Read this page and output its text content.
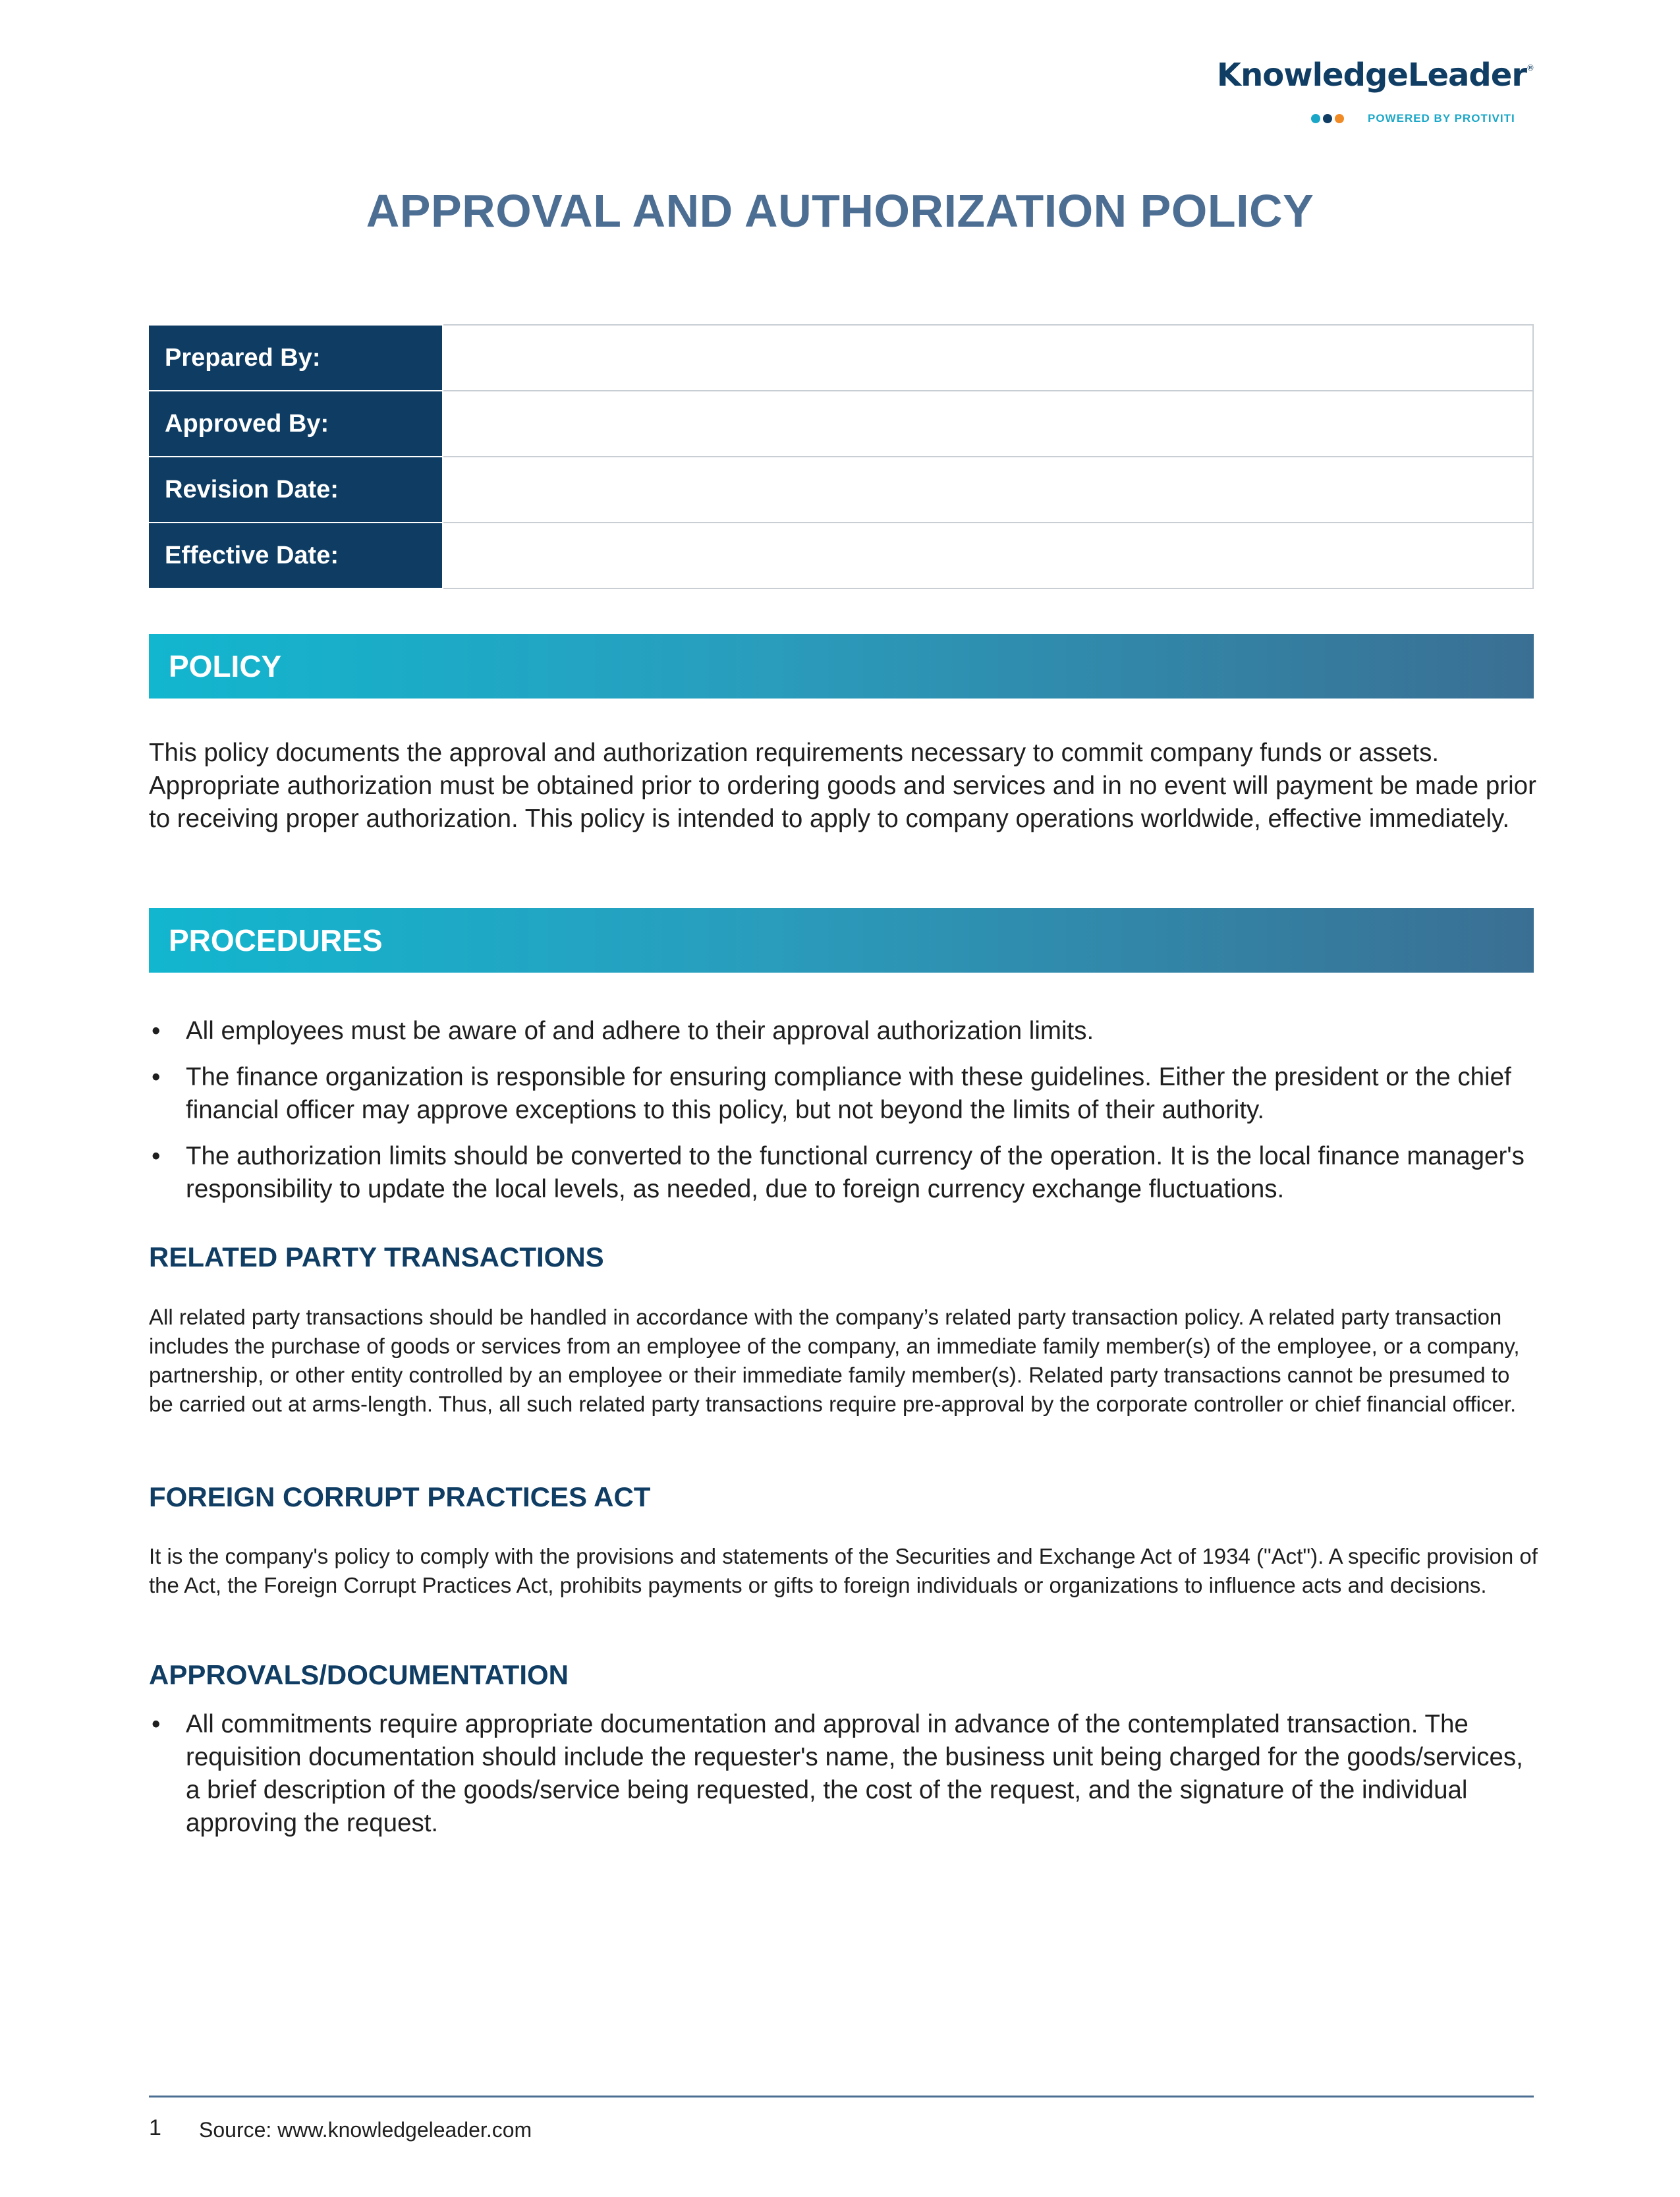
KnowledgeLeader®
POWERED BY PROTIVITI
APPROVAL AND AUTHORIZATION POLICY
Prepared By:	
Approved By:	
Revision Date:	
Effective Date:	
POLICY
This policy documents the approval and authorization requirements necessary to commit company funds or assets. Appropriate authorization must be obtained prior to ordering goods and services and in no event will payment be made prior to receiving proper authorization. This policy is intended to apply to company operations worldwide, effective immediately.
PROCEDURES
• All employees must be aware of and adhere to their approval authorization limits.
• The finance organization is responsible for ensuring compliance with these guidelines. Either the president or the chief financial officer may approve exceptions to this policy, but not beyond the limits of their authority.
• The authorization limits should be converted to the functional currency of the operation. It is the local finance manager's responsibility to update the local levels, as needed, due to foreign currency exchange fluctuations.
RELATED PARTY TRANSACTIONS
All related party transactions should be handled in accordance with the company’s related party transaction policy. A related party transaction includes the purchase of goods or services from an employee of the company, an immediate family member(s) of the employee, or a company, partnership, or other entity controlled by an employee or their immediate family member(s). Related party transactions cannot be presumed to be carried out at arms-length. Thus, all such related party transactions require pre-approval by the corporate controller or chief financial officer.
FOREIGN CORRUPT PRACTICES ACT
It is the company's policy to comply with the provisions and statements of the Securities and Exchange Act of 1934 ("Act"). A specific provision of the Act, the Foreign Corrupt Practices Act, prohibits payments or gifts to foreign individuals or organizations to influence acts and decisions.
APPROVALS/DOCUMENTATION
• All commitments require appropriate documentation and approval in advance of the contemplated transaction. The requisition documentation should include the requester's name, the business unit being charged for the goods/services, a brief description of the goods/service being requested, the cost of the request, and the signature of the individual approving the request.
1 Source: www.knowledgeleader.com
